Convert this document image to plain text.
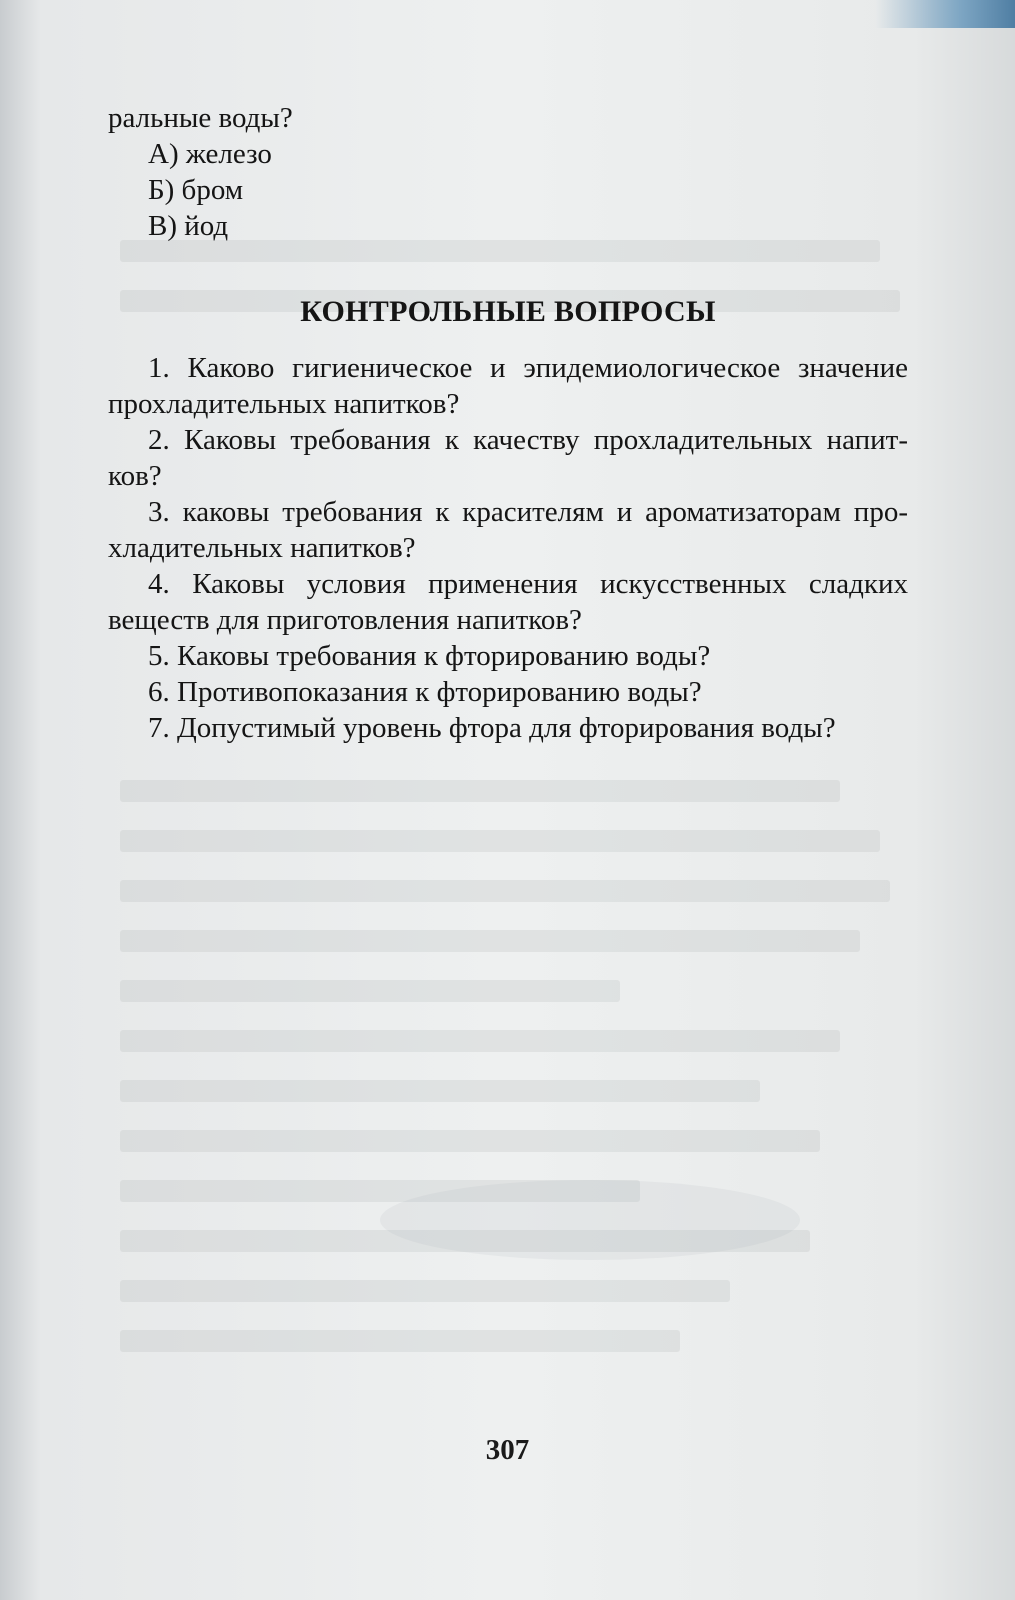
ральные воды?

А) железо

Б) бром

В) йод

КОНТРОЛЬНЫЕ ВОПРОСЫ

1. Каково гигиеническое и эпидемиологическое значение прохладительных напитков?

2. Каковы требования к качеству прохладительных напитков?

3. каковы требования к красителям и ароматизаторам прохладительных напитков?

4. Каковы условия применения искусственных сладких веществ для приготовления напитков?

5. Каковы требования к фторированию воды?

6. Противопоказания к фторированию воды?

7. Допустимый уровень фтора для фторирования воды?

307
